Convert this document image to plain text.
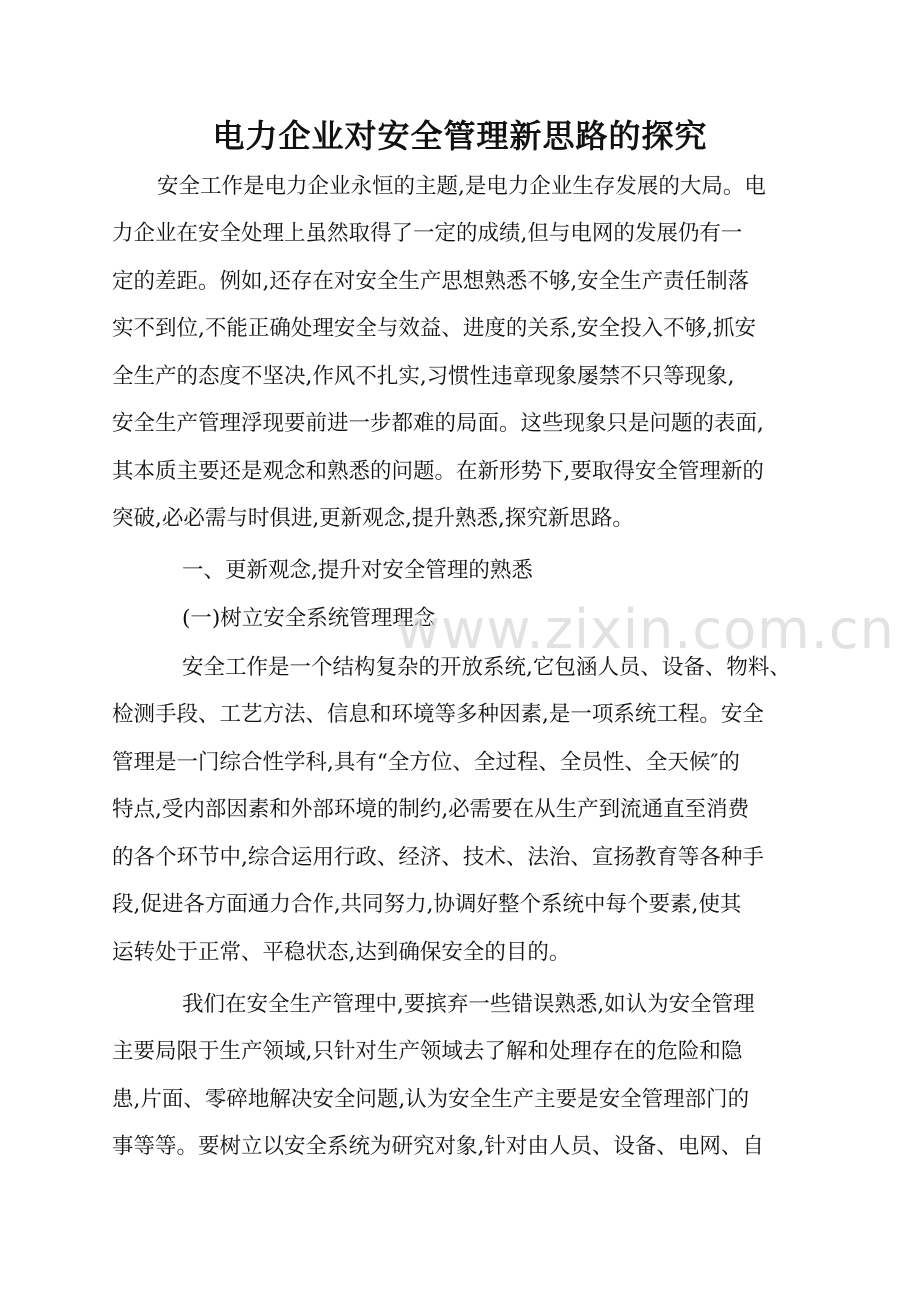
电力企业对安全管理新思路的探究

安全工作是电力企业永恒的主题,是电力企业生存发展的大局。电

力企业在安全处理上虽然取得了一定的成绩,但与电网的发展仍有一

定的差距。例如,还存在对安全生产思想熟悉不够,安全生产责任制落

实不到位,不能正确处理安全与效益、进度的关系,安全投入不够,抓安

全生产的态度不坚决,作风不扎实,习惯性违章现象屡禁不只等现象,

安全生产管理浮现要前进一步都难的局面。这些现象只是问题的表面,

其本质主要还是观念和熟悉的问题。在新形势下,要取得安全管理新的

突破,必必需与时俱进,更新观念,提升熟悉,探究新思路。

一、更新观念,提升对安全管理的熟悉

(一)树立安全系统管理理念

安全工作是一个结构复杂的开放系统,它包涵人员、设备、物料、

检测手段、工艺方法、信息和环境等多种因素,是一项系统工程。安全

管理是一门综合性学科,具有“全方位、全过程、全员性、全天候″的

特点,受内部因素和外部环境的制约,必需要在从生产到流通直至消费

的各个环节中,综合运用行政、经济、技术、法治、宣扬教育等各种手

段,促进各方面通力合作,共同努力,协调好整个系统中每个要素,使其

运转处于正常、平稳状态,达到确保安全的目的。

我们在安全生产管理中,要摈弃一些错误熟悉,如认为安全管理

主要局限于生产领域,只针对生产领域去了解和处理存在的危险和隐

患,片面、零碎地解决安全问题,认为安全生产主要是安全管理部门的

事等等。要树立以安全系统为研究对象,针对由人员、设备、电网、自

www.zixin.com.cn
